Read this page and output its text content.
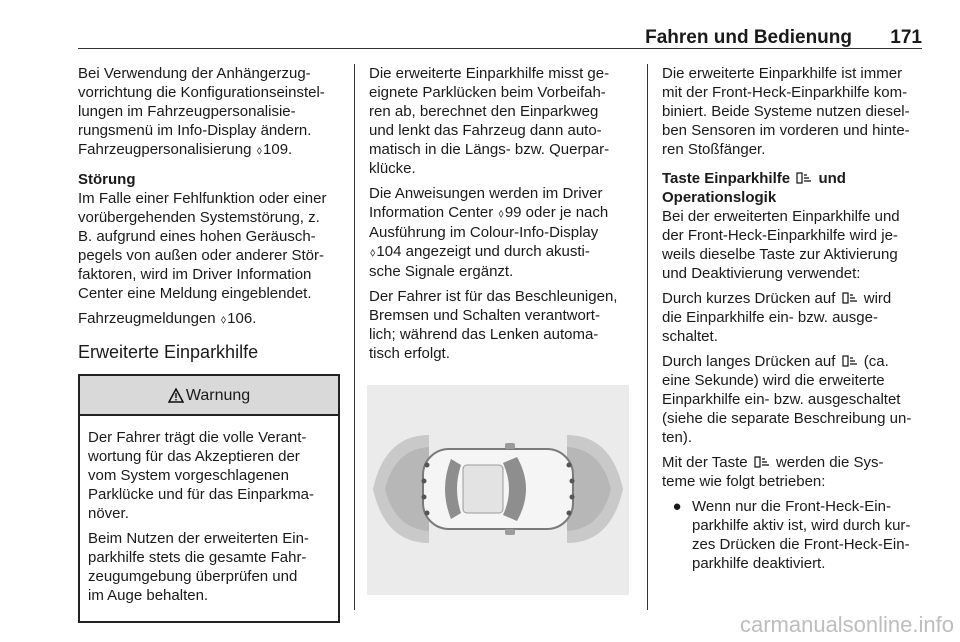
Fahren und Bedienung 171

Bei Verwendung der Anhängerzug-
vorrichtung die Konfigurationseinstel-
lungen im Fahrzeugpersonalisie-
rungsmenü im Info-Display ändern.
Fahrzeugpersonalisierung ⬨109.

Störung

Im Falle einer Fehlfunktion oder einer
vorübergehenden Systemstörung, z.
B. aufgrund eines hohen Geräusch-
pegels von außen oder anderer Stör-
faktoren, wird im Driver Information
Center eine Meldung eingeblendet.

Fahrzeugmeldungen ⬨106.

Erweiterte Einparkhilfe
Warnung

Der Fahrer trägt die volle Verant-
wortung für das Akzeptieren der
vom System vorgeschlagenen
Parklücke und für das Einparkma-
növer.

Beim Nutzen der erweiterten Ein-
parkhilfe stets die gesamte Fahr-
zeugumgebung überprüfen und
im Auge behalten.

Die erweiterte Einparkhilfe misst ge-
eignete Parklücken beim Vorbeifah-
ren ab, berechnet den Einparkweg
und lenkt das Fahrzeug dann auto-
matisch in die Längs- bzw. Querpar-
klücke.

Die Anweisungen werden im Driver
Information Center ⬨99 oder je nach
Ausführung im Colour-Info-Display
⬨104 angezeigt und durch akusti-
sche Signale ergänzt.

Der Fahrer ist für das Beschleunigen,
Bremsen und Schalten verantwort-
lich; während das Lenken automa-
tisch erfolgt.

Die erweiterte Einparkhilfe ist immer
mit der Front-Heck-Einparkhilfe kom-
biniert. Beide Systeme nutzen diesel-
ben Sensoren im vorderen und hinte-
ren Stoßfänger.

Taste Einparkhilfe und
Operationslogik

Bei der erweiterten Einparkhilfe und
der Front-Heck-Einparkhilfe wird je-
weils dieselbe Taste zur Aktivierung
und Deaktivierung verwendet:

Durch kurzes Drücken auf wird
die Einparkhilfe ein- bzw. ausge-
schaltet.

Durch langes Drücken auf (ca.
eine Sekunde) wird die erweiterte
Einparkhilfe ein- bzw. ausgeschaltet
(siehe die separate Beschreibung un-
ten).

Mit der Taste werden die Sys-
teme wie folgt betrieben:

● Wenn nur die Front-Heck-Ein-
parkhilfe aktiv ist, wird durch kur-
zes Drücken die Front-Heck-Ein-
parkhilfe deaktiviert.
carmanualsonline.info
